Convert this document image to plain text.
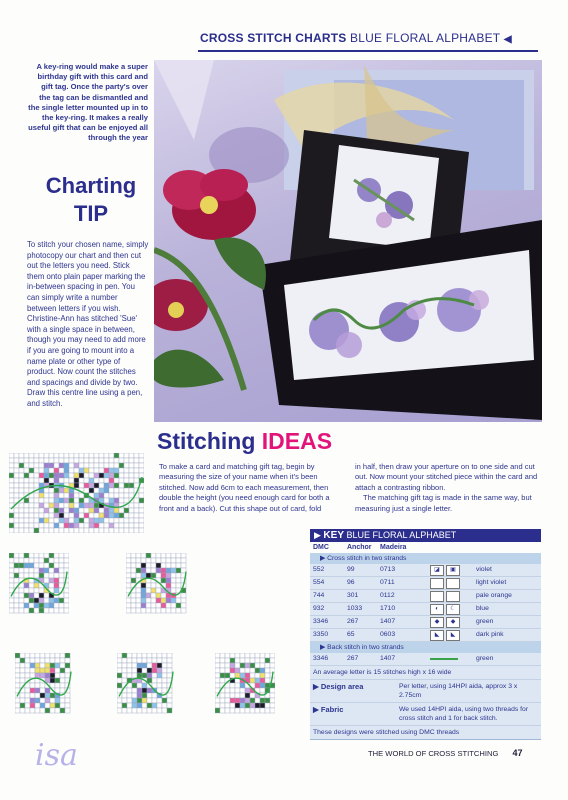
CROSS STITCH CHARTS BLUE FLORAL ALPHABET ◀
A key-ring would make a super birthday gift with this card and gift tag. Once the party's over the tag can be dismantled and the single letter mounted up in to the key-ring. It makes a really useful gift that can be enjoyed all through the year
Charting
TIP
To stitch your chosen name, simply photocopy our chart and then cut out the letters you need. Stick them onto plain paper marking the in-between spacing in pen. You can simply write a number between letters if you wish. Christine-Ann has stitched 'Sue' with a single space in between, though you may need to add more if you are going to mount into a name plate or other type of product. Now count the stitches and spacings and divide by two. Draw this centre line using a pen, and stitch.
Stitching IDEAS
To make a card and matching gift tag, begin by measuring the size of your name when it's been stitched. Now add 6cm to each measurement, then double the height (you need enough card for both a front and a back). Cut this shape out of card, fold
in half, then draw your aperture on to one side and cut out. Now mount your stitched piece within the card and attach a contrasting ribbon.
The matching gift tag is made in the same way, but measuring just a single letter.
▶ KEY BLUE FLORAL ALPHABET
DMC	Anchor Madeira
▶ Cross stitch in two strands
552	99	0713	◪	▣	violet
554	96	0711	light violet
744	301	0112	pale orange
932	1033	1710	◐	☾	blue
3346	267	1407	◆	◆	green
3350	65	0603	◣	◣	dark pink
▶ Back stitch in two strands
3346	267	1407	green
An average letter is 15 stitches high x 16 wide
▶ Design area	Per letter, using 14HPI aida, approx 3 x 2.75cm
▶ Fabric	We used 14HPI aida, using two threads for cross stitch and 1 for back stitch.
These designs were stitched using DMC threads
isa	THE WORLD OF CROSS STITCHING 47
